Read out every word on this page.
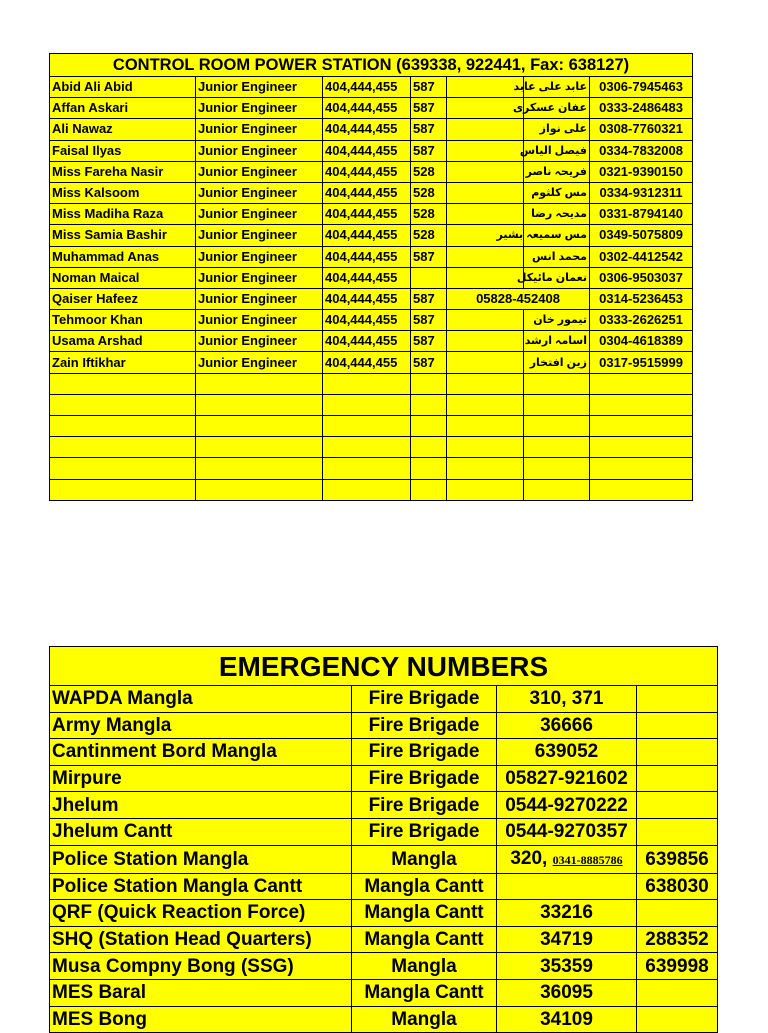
CONTROL ROOM POWER STATION (639338, 922441, Fax: 638127)						
Abid Ali Abid	Junior Engineer	404,444,455	587		عابد علی عابد	0306-7945463
Affan Askari	Junior Engineer	404,444,455	587		عفان عسکری	0333-2486483
Ali Nawaz	Junior Engineer	404,444,455	587		علی نواز	0308-7760321
Faisal Ilyas	Junior Engineer	404,444,455	587		فیصل الیاس	0334-7832008
Miss Fareha Nasir	Junior Engineer	404,444,455	528		فریحہ ناصر	0321-9390150
Miss Kalsoom	Junior Engineer	404,444,455	528		مس کلثوم	0334-9312311
Miss Madiha Raza	Junior Engineer	404,444,455	528		مدیحہ رضا	0331-8794140
Miss Samia Bashir	Junior Engineer	404,444,455	528		مس سمیعہ بشیر	0349-5075809
Muhammad Anas	Junior Engineer	404,444,455	587		محمد انس	0302-4412542
Noman Maical	Junior Engineer	404,444,455			نعمان مائیکل	0306-9503037
Qaiser Hafeez	Junior Engineer	404,444,455	587	05828-452408		0314-5236453
Tehmoor Khan	Junior Engineer	404,444,455	587		تیمور خان	0333-2626251
Usama Arshad	Junior Engineer	404,444,455	587		اسامہ ارشد	0304-4618389
Zain Iftikhar	Junior Engineer	404,444,455	587		زین افتخار	0317-9515999

EMERGENCY NUMBERS			
WAPDA Mangla	Fire Brigade	310, 371	
Army Mangla	Fire Brigade	36666	
Cantinment Bord Mangla	Fire Brigade	639052	
Mirpure	Fire Brigade	05827-921602	
Jhelum	Fire Brigade	0544-9270222	
Jhelum Cantt	Fire Brigade	0544-9270357	
Police Station Mangla	Mangla	320, 0341-8885786	639856
Police Station Mangla Cantt	Mangla Cantt		638030
QRF (Quick Reaction Force)	Mangla Cantt	33216	
SHQ (Station Head Quarters)	Mangla Cantt	34719	288352
Musa Compny Bong (SSG)	Mangla	35359	639998
MES Baral	Mangla Cantt	36095	
MES Bong	Mangla	34109	
